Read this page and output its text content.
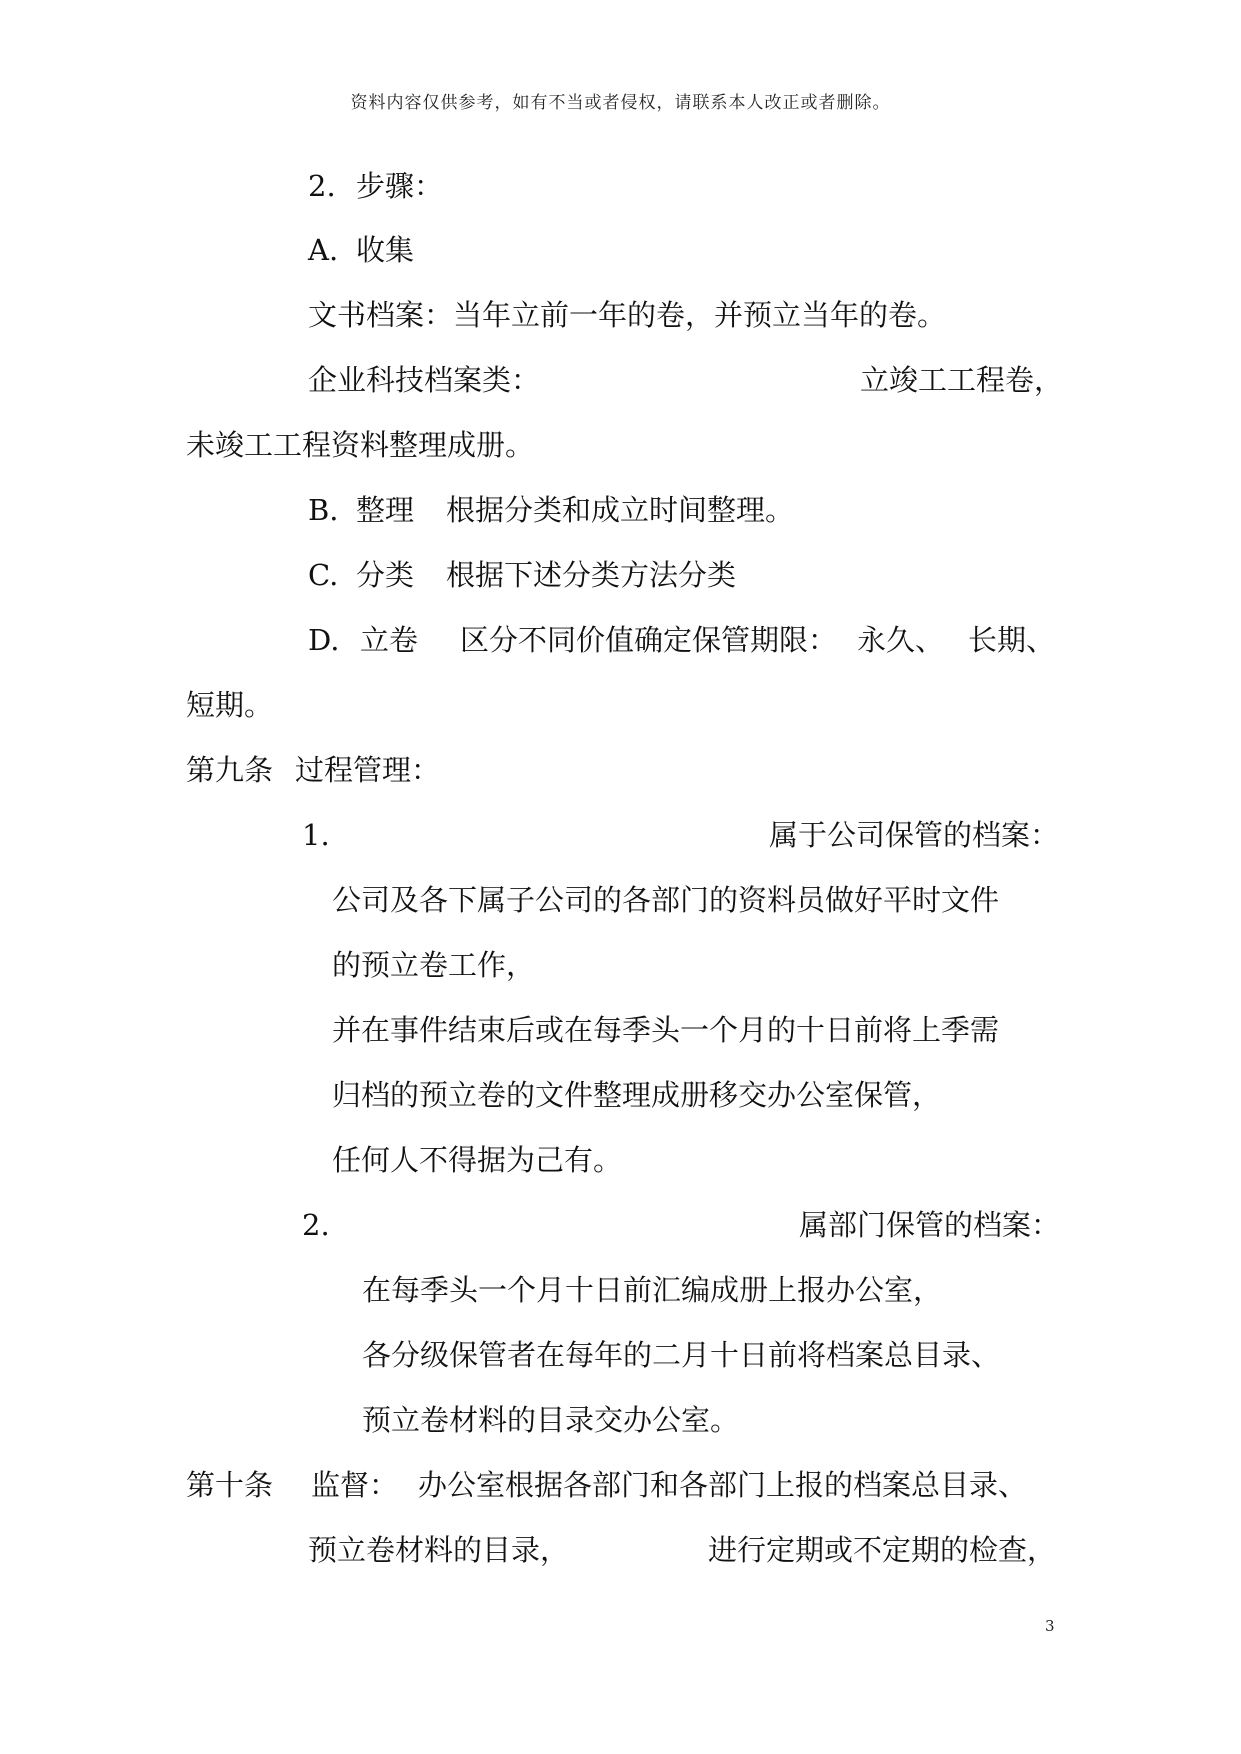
资料内容仅供参考，如有不当或者侵权，请联系本人改正或者删除。
2. 步骤：
A. 收集
文书档案：当年立前一年的卷，并预立当年的卷。
企业科技档案类：	立竣工工程卷，
未竣工工程资料整理成册。
B. 整理 根据分类和成立时间整理。
C. 分类 根据下述分类方法分类
D. 立卷 区分不同价值确定保管期限： 永久、 长期、
短期。
第九条 过程管理：
1.	属于公司保管的档案：
公司及各下属子公司的各部门的资料员做好平时文件
的预立卷工作，
并在事件结束后或在每季头一个月的十日前将上季需
归档的预立卷的文件整理成册移交办公室保管，
任何人不得据为己有。
2.	属部门保管的档案：
在每季头一个月十日前汇编成册上报办公室，
各分级保管者在每年的二月十日前将档案总目录、
预立卷材料的目录交办公室。
第十条 监督： 办公室根据各部门和各部门上报的档案总目录、
预立卷材料的目录，	进行定期或不定期的检查，
3
